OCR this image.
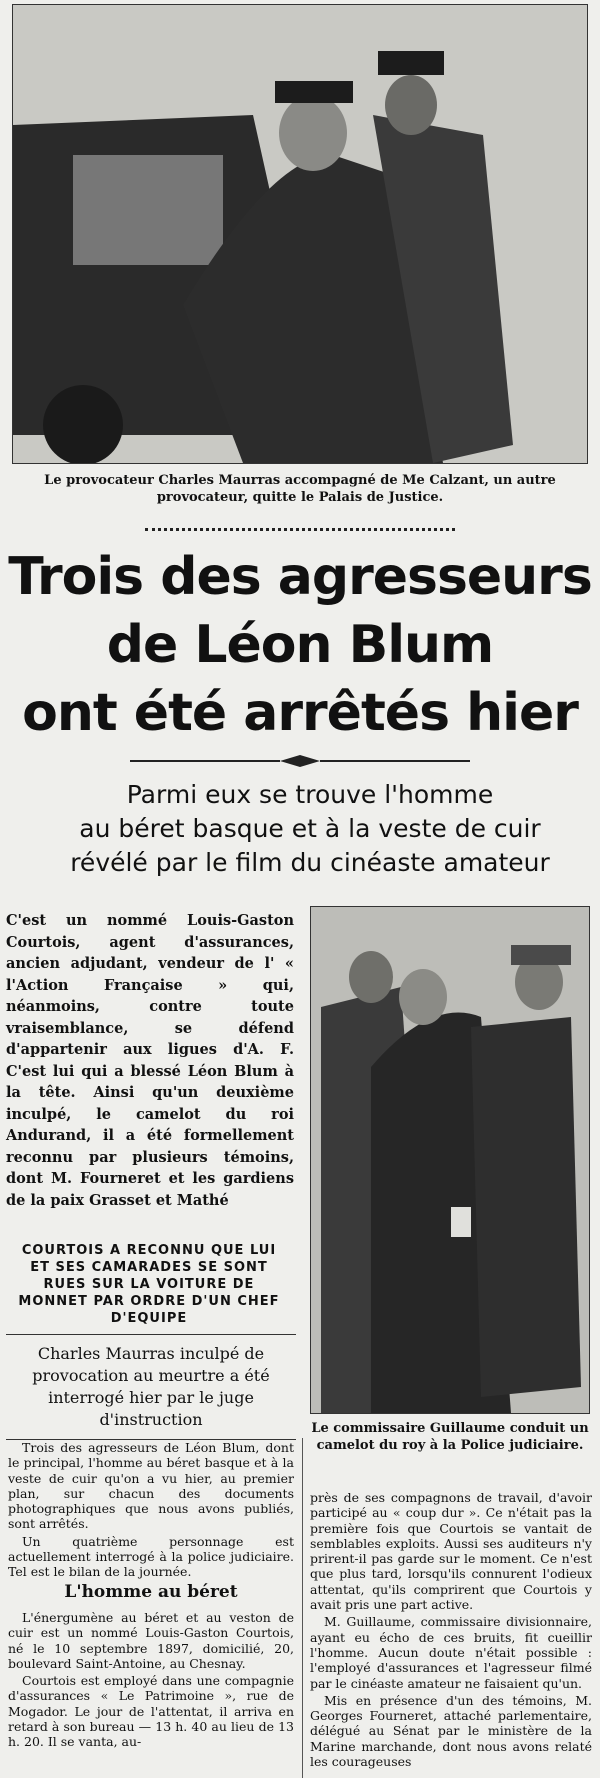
Le provocateur Charles Maurras accompagné de Me Calzant, un autre provocateur, quitte le Palais de Justice.
Trois des agresseurs
de Léon Blum
ont été arrêtés hier
Parmi eux se trouve l'homme
au béret basque et à la veste de cuir
révélé par le film du cinéaste amateur
C'est un nommé Louis-Gaston Courtois, agent d'assurances, ancien adjudant, vendeur de l' « l'Action Française » qui, néanmoins, contre toute vraisemblance, se défend d'appartenir aux ligues d'A. F. C'est lui qui a blessé Léon Blum à la tête. Ainsi qu'un deuxième inculpé, le camelot du roi Andurand, il a été formellement reconnu par plusieurs témoins, dont M. Fourneret et les gardiens de la paix Grasset et Mathé
COURTOIS A RECONNU QUE LUI ET SES CAMARADES SE SONT RUES SUR LA VOITURE DE MONNET PAR ORDRE D'UN CHEF D'EQUIPE
Charles Maurras inculpé de provocation au meurtre a été interrogé hier par le juge d'instruction	Le commissaire Guillaume conduit un camelot du roy à la Police judiciaire.

Trois des agresseurs de Léon Blum, dont le principal, l'homme au béret basque et à la veste de cuir qu'on a vu hier, au premier plan, sur chacun des documents photographiques que nous avons publiés, sont arrêtés.

Un quatrième personnage est actuellement interrogé à la police judiciaire. Tel est le bilan de la journée.

L'homme au béret

L'énergumène au béret et au veston de cuir est un nommé Louis-Gaston Courtois, né le 10 septembre 1897, domicilié, 20, boulevard Saint-Antoine, au Chesnay.

Courtois est employé dans une compagnie d'assurances « Le Patrimoine », rue de Mogador. Le jour de l'attentat, il arriva en retard à son bureau — 13 h. 40 au lieu de 13 h. 20. Il se vanta, au-

près de ses compagnons de travail, d'avoir participé au « coup dur ». Ce n'était pas la première fois que Courtois se vantait de semblables exploits. Aussi ses auditeurs n'y prirent-il pas garde sur le moment. Ce n'est que plus tard, lorsqu'ils connurent l'odieux attentat, qu'ils comprirent que Courtois y avait pris une part active.

M. Guillaume, commissaire divisionnaire, ayant eu écho de ces bruits, fit cueillir l'homme. Aucun doute n'était possible : l'employé d'assurances et l'agresseur filmé par le cinéaste amateur ne faisaient qu'un.

Mis en présence d'un des témoins, M. Georges Fourneret, attaché parlementaire, délégué au Sénat par le ministère de la Marine marchande, dont nous avons relaté les courageuses
